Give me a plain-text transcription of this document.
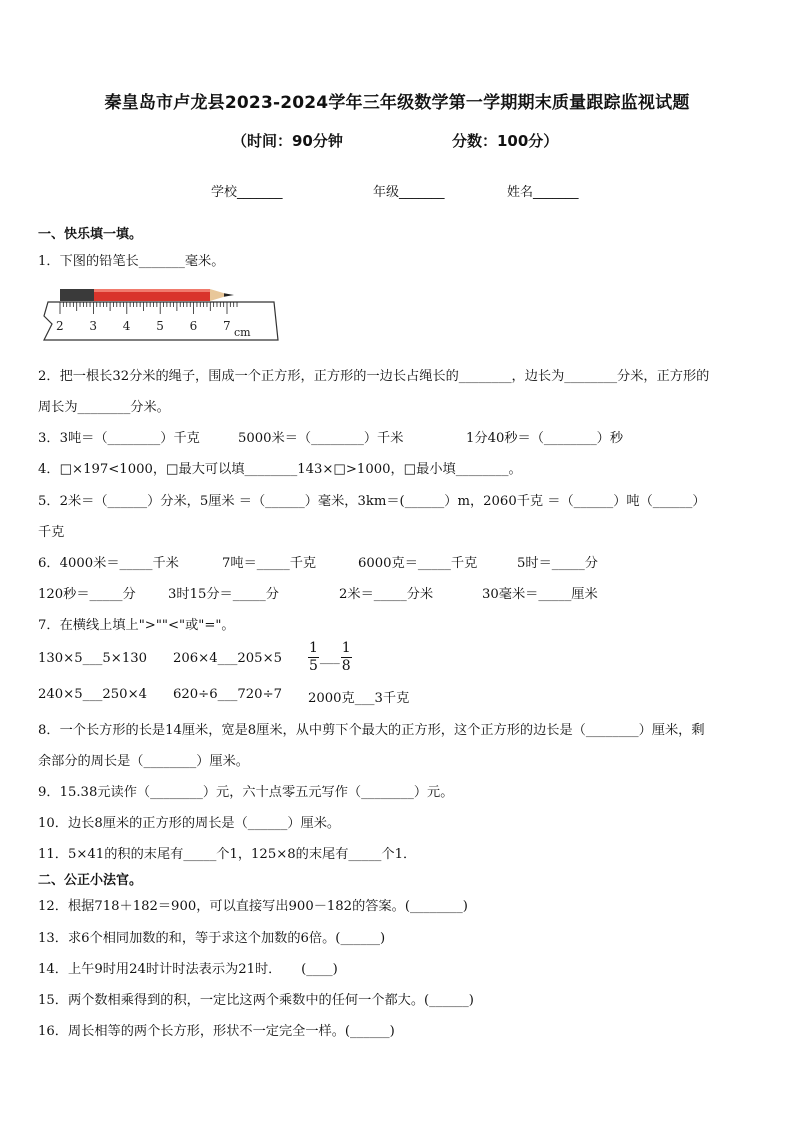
秦皇岛市卢龙县2023-2024学年三年级数学第一学期期末质量跟踪监视试题
（时间：90分钟	分数：100分）
学校_______	年级_______	姓名_______
一、快乐填一填。
1．下图的铅笔长_______毫米。
2 3 4 5 6 7 cm
2．把一根长32分米的绳子，围成一个正方形，正方形的一边长占绳长的________，边长为________分米，正方形的
周长为________分米。
3．3吨＝（________）千克	5000米＝（________）千米	1分40秒＝（________）秒
4．□×197<1000，□最大可以填________143×□>1000，□最小填________。
5．2米＝（______）分米，5厘米 ＝（______）毫米，3km＝(______）m，2060千克 ＝（______）吨（______）
千克
6．4000米＝_____千米	7吨＝_____千克	6000克＝_____千克	5时＝_____分
120秒＝_____分 3时15分＝_____分	2米＝_____分米	30毫米＝_____厘米
7．在横线上填上">""<"或"="。
130×5___5×130 206×4___205×5 $\frac{1}{5}$ ___ $\frac{1}{8}$
240×5___250×4 620÷6___720÷7 2000克___3千克
8．一个长方形的长是14厘米，宽是8厘米，从中剪下个最大的正方形，这个正方形的边长是（________）厘米，剩
余部分的周长是（________）厘米。
9．15.38元读作（________）元，六十点零五元写作（________）元。
10．边长8厘米的正方形的周长是（______）厘米。
11．5×41的积的末尾有_____个1，125×8的末尾有_____个1．
二、公正小法官。
12．根据718＋182＝900，可以直接写出900－182的答案。(________)
13．求6个相同加数的和，等于求这个加数的6倍。(______)
14．上午9时用24时计时法表示为21时．　　(____)
15．两个数相乘得到的积，一定比这两个乘数中的任何一个都大。(______)
16．周长相等的两个长方形，形状不一定完全一样。(______)
